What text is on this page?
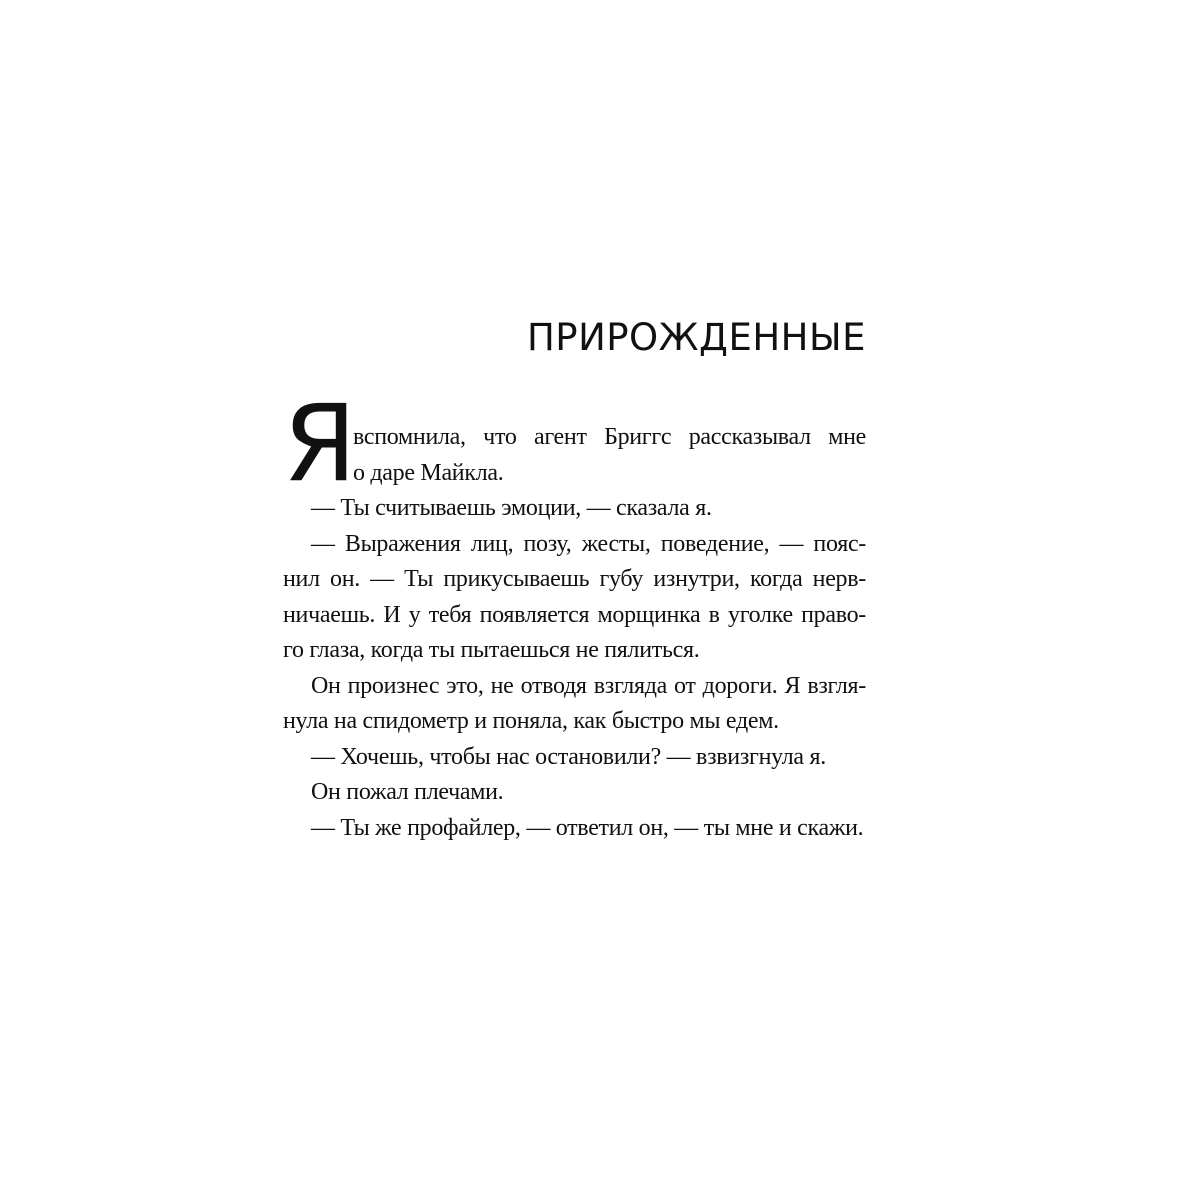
ПРИРОЖДЕННЫЕ
Я
вспомнила, что агент Бриггс рассказывал мне
о даре Майкла.
— Ты считываешь эмоции, — сказала я.
— Выражения лиц, позу, жесты, поведение, — пояс-
нил он. — Ты прикусываешь губу изнутри, когда нерв-
ничаешь. И у тебя появляется морщинка в уголке право-
го глаза, когда ты пытаешься не пялиться.
Он произнес это, не отводя взгляда от дороги. Я взгля-
нула на спидометр и поняла, как быстро мы едем.
— Хочешь, чтобы нас остановили? — взвизгнула я.
Он пожал плечами.
— Ты же профайлер, — ответил он, — ты мне и скажи.
